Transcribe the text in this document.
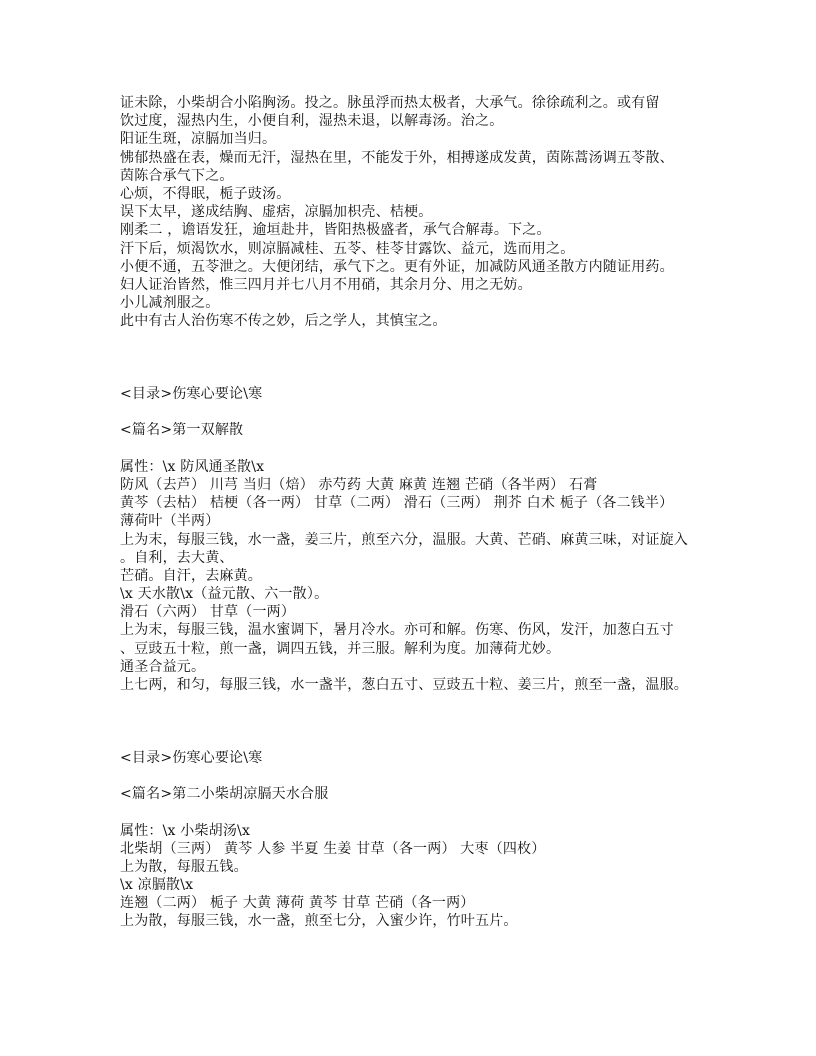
证未除，小柴胡合小陷胸汤。投之。脉虽浮而热太极者，大承气。徐徐疏利之。或有留
饮过度，湿热内生，小便自利，湿热未退，以解毒汤。治之。
阳证生斑，凉膈加当归。
怫郁热盛在表，燥而无汗，湿热在里，不能发于外，相搏遂成发黄，茵陈蒿汤调五苓散、
茵陈合承气下之。
心烦，不得眠，栀子豉汤。
误下太早，遂成结胸、虚痞，凉膈加枳壳、桔梗。
刚柔二 ，谵语发狂，逾垣赴井，皆阳热极盛者，承气合解毒。下之。
汗下后，烦渴饮水，则凉膈减桂、五苓、桂苓甘露饮、益元，选而用之。
小便不通，五苓泄之。大便闭结，承气下之。更有外证，加减防风通圣散方内随证用药。
妇人证治皆然，惟三四月并七八月不用硝，其余月分、用之无妨。
小儿减剂服之。
此中有古人治伤寒不传之妙，后之学人，其慎宝之。
<目录>伤寒心要论\寒
<篇名>第一双解散
属性：\x 防风通圣散\x
防风（去芦） 川芎 当归（焙） 赤芍药 大黄 麻黄 连翘 芒硝（各半两） 石膏
黄芩（去枯） 桔梗（各一两） 甘草（二两） 滑石（三两） 荆芥 白术 栀子（各二钱半）
薄荷叶（半两）
上为末，每服三钱，水一盏，姜三片，煎至六分，温服。大黄、芒硝、麻黄三味，对证旋入
。自利，去大黄、
芒硝。自汗，去麻黄。
\x 天水散\x（益元散、六一散）。
滑石（六两） 甘草（一两）
上为末，每服三钱，温水蜜调下，暑月冷水。亦可和解。伤寒、伤风，发汗，加葱白五寸
、豆豉五十粒，煎一盏，调四五钱，并三服。解利为度。加薄荷尤妙。
通圣合益元。
上七两，和匀，每服三钱，水一盏半，葱白五寸、豆豉五十粒、姜三片，煎至一盏，温服。
<目录>伤寒心要论\寒
<篇名>第二小柴胡凉膈天水合服
属性：\x 小柴胡汤\x
北柴胡（三两） 黄芩 人参 半夏 生姜 甘草（各一两） 大枣（四枚）
上为散，每服五钱。
\x 凉膈散\x
连翘（二两） 栀子 大黄 薄荷 黄芩 甘草 芒硝（各一两）
上为散，每服三钱，水一盏，煎至七分，入蜜少许，竹叶五片。
